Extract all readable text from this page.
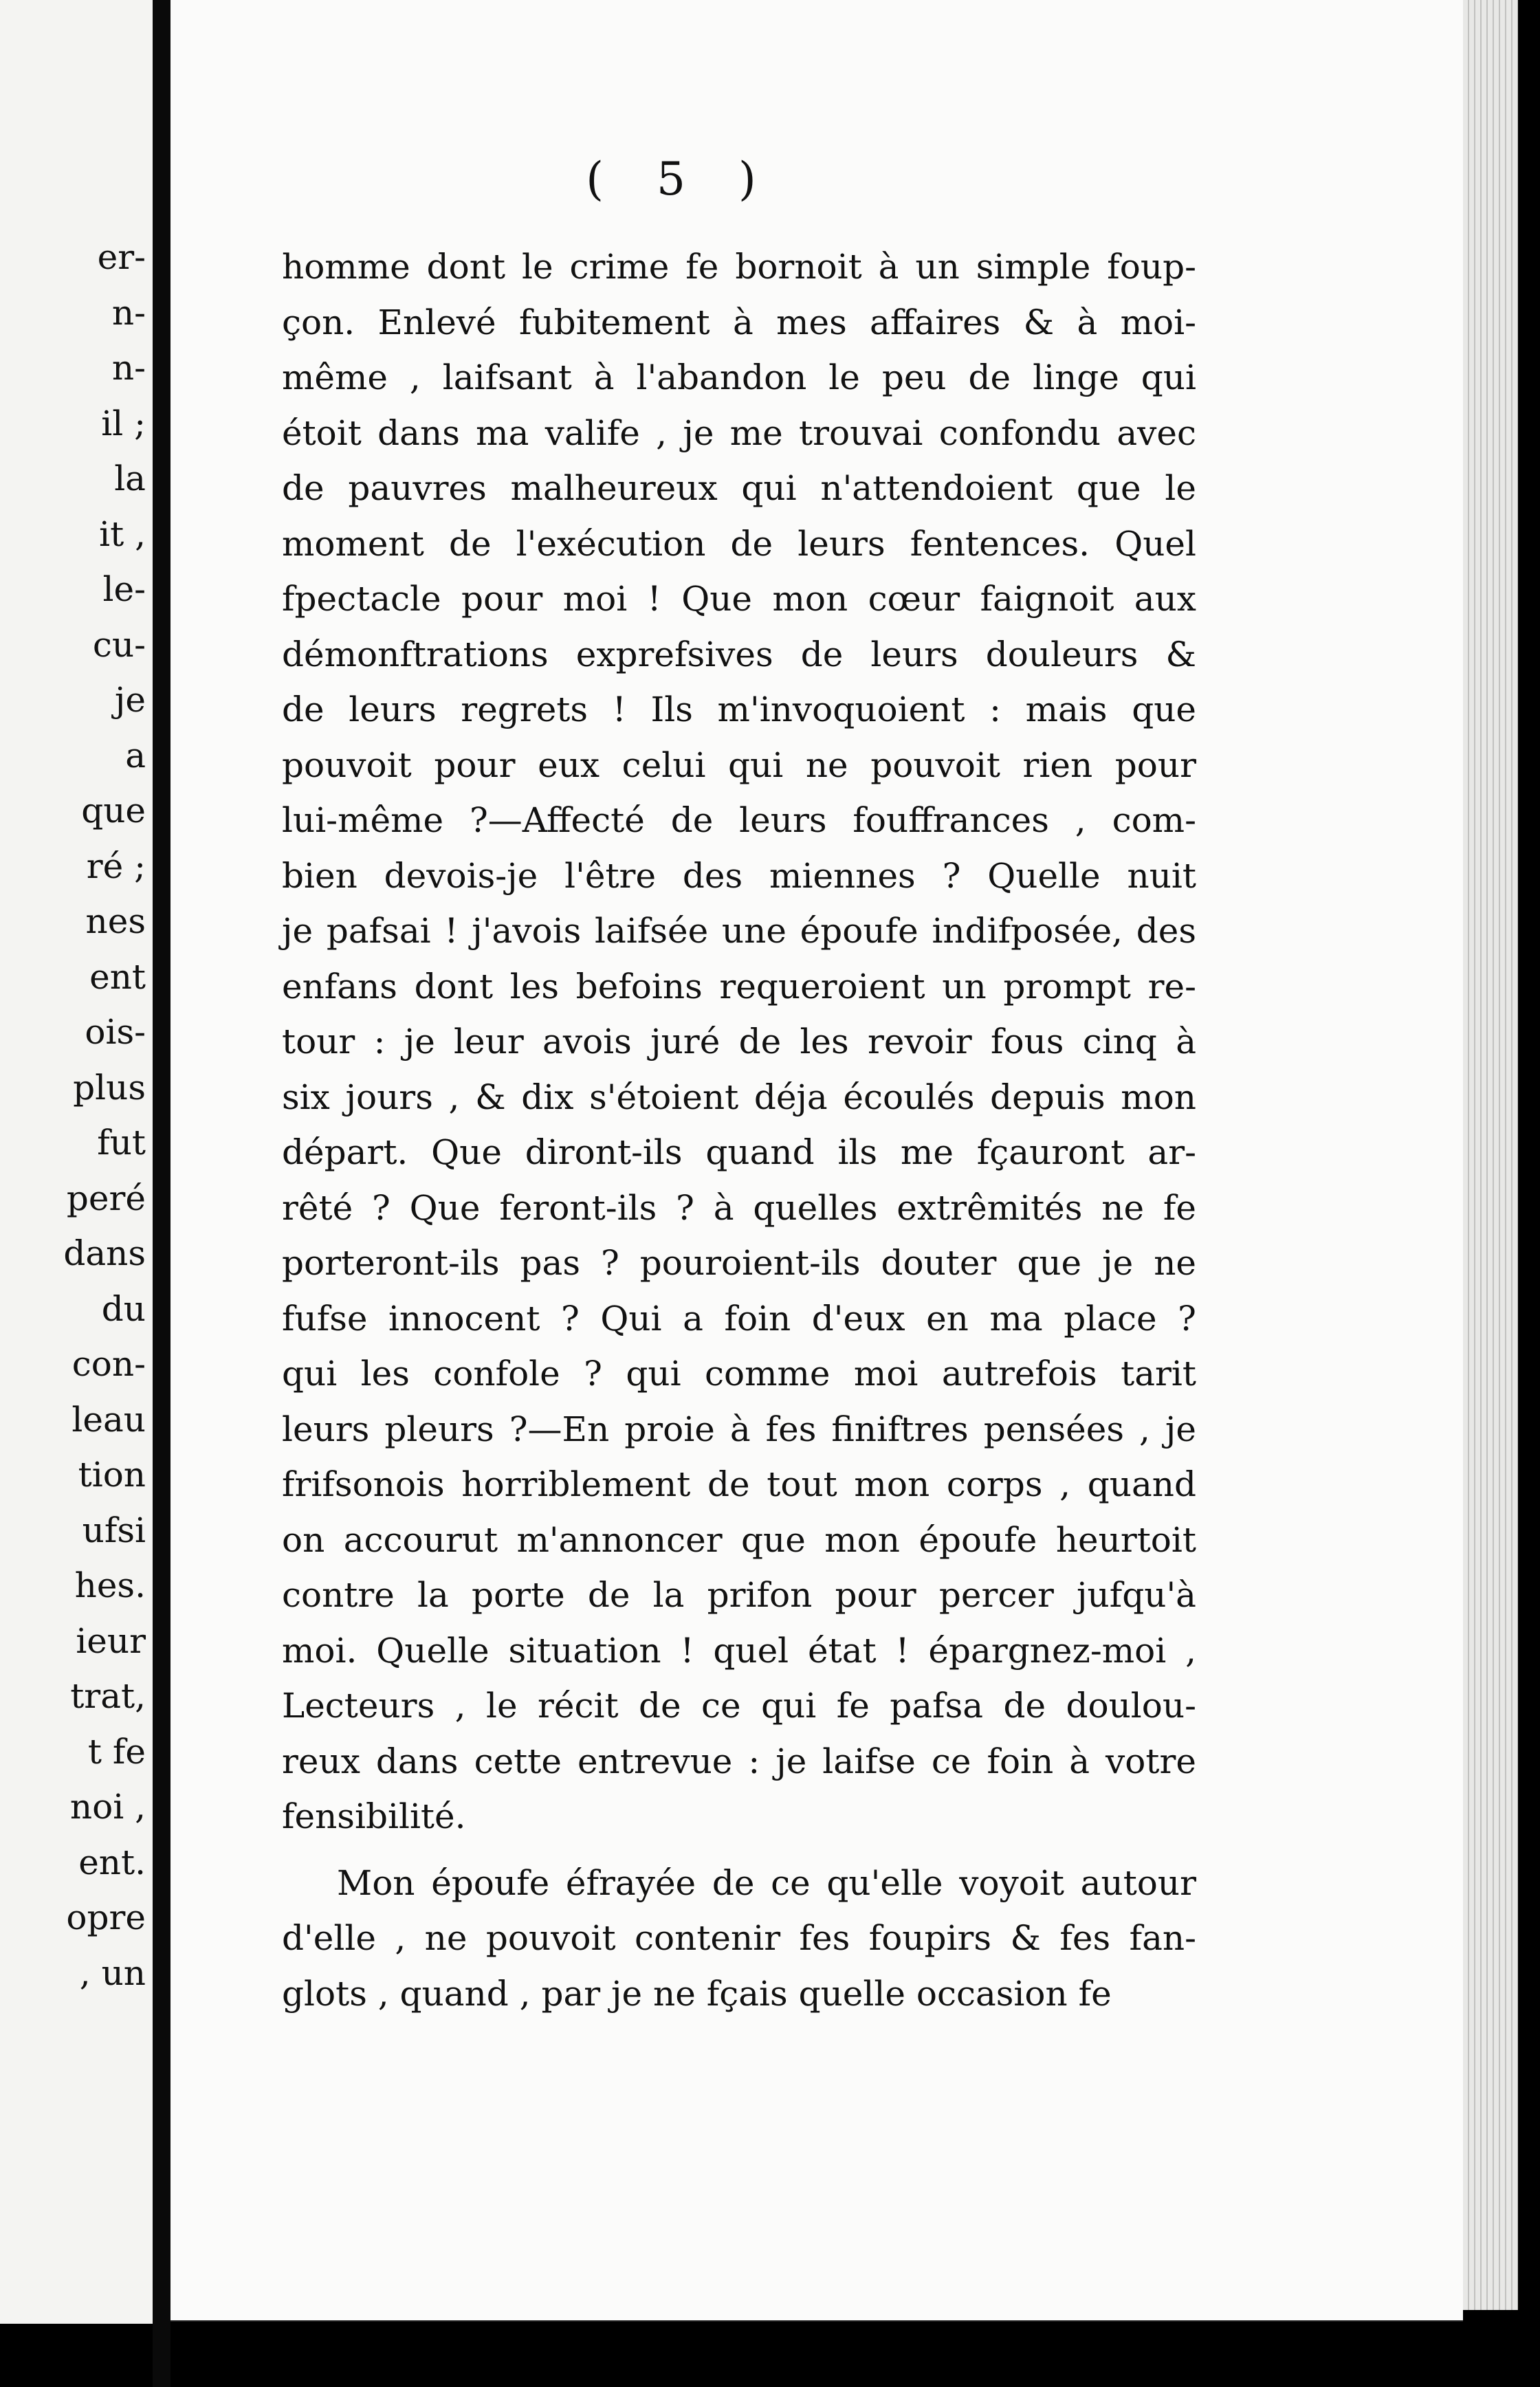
er-
n-
n-
il ;
la
it ,
le-
cu-
je
a
que
ré ;
nes
ent
ois-
plus
fut
peré
dans
du
con-
leau
tion
ufsi
hes.
ieur
trat,
t fe
noi ,
ent.
opre
, un
( 5 )
homme dont le crime fe bornoit à un simple foup-
çon. Enlevé fubitement à mes affaires & à moi-
même , laifsant à l'abandon le peu de linge qui
étoit dans ma valife , je me trouvai confondu avec
de pauvres malheureux qui n'attendoient que le
moment de l'exécution de leurs fentences. Quel
fpectacle pour moi ! Que mon cœur faignoit aux
démonftrations exprefsives de leurs douleurs &
de leurs regrets ! Ils m'invoquoient : mais que
pouvoit pour eux celui qui ne pouvoit rien pour
lui-même ?—Affecté de leurs fouffrances , com-
bien devois-je l'être des miennes ? Quelle nuit
je pafsai ! j'avois laifsée une époufe indifposée, des
enfans dont les befoins requeroient un prompt re-
tour : je leur avois juré de les revoir fous cinq à
six jours , & dix s'étoient déja écoulés depuis mon
départ. Que diront-ils quand ils me fçauront ar-
rêté ? Que feront-ils ? à quelles extrêmités ne fe
porteront-ils pas ? pouroient-ils douter que je ne
fufse innocent ? Qui a foin d'eux en ma place ?
qui les confole ? qui comme moi autrefois tarit
leurs pleurs ?—En proie à fes finiftres pensées , je
frifsonois horriblement de tout mon corps , quand
on accourut m'annoncer que mon époufe heurtoit
contre la porte de la prifon pour percer jufqu'à
moi. Quelle situation ! quel état ! épargnez-moi ,
Lecteurs , le récit de ce qui fe pafsa de doulou-
reux dans cette entrevue : je laifse ce foin à votre
fensibilité.
Mon époufe éfrayée de ce qu'elle voyoit autour
d'elle , ne pouvoit contenir fes foupirs & fes fan-
glots , quand , par je ne fçais quelle occasion fe
